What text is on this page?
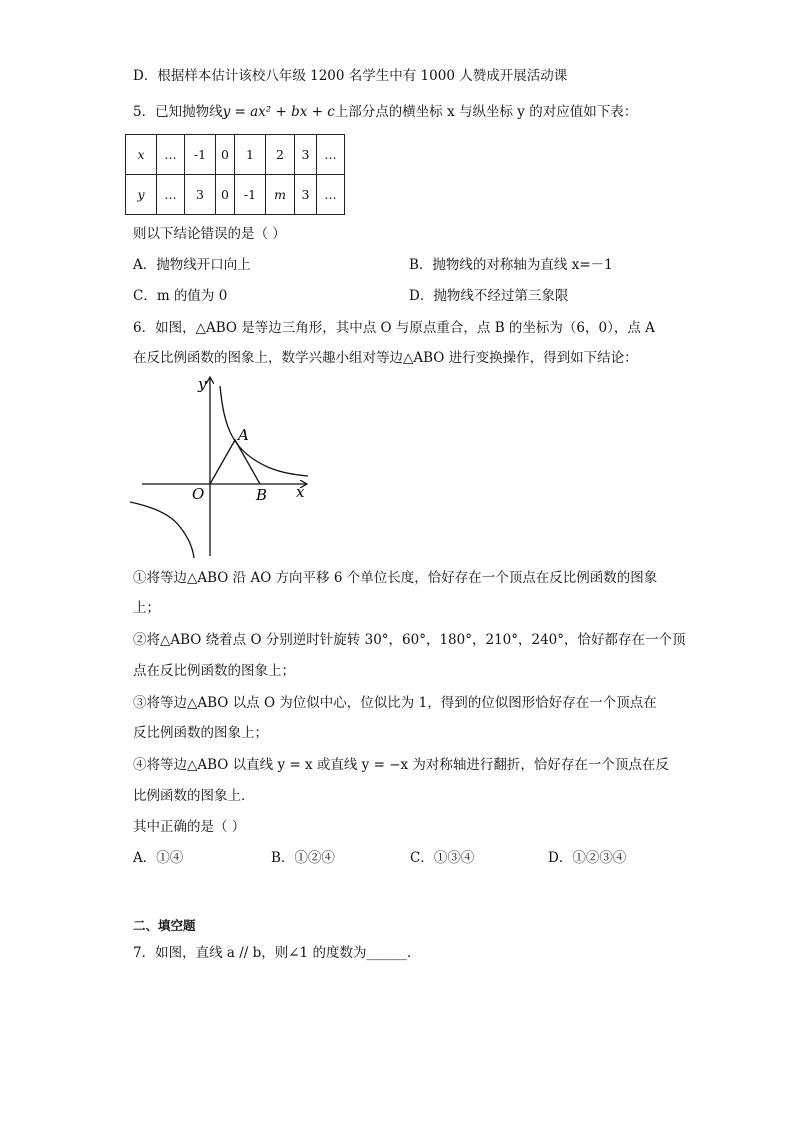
D．根据样本估计该校八年级 1200 名学生中有 1000 人赞成开展活动课
5．已知抛物线y = ax² + bx + c上部分点的横坐标 x 与纵坐标 y 的对应值如下表：
x	…	-1	0	1	2	3	…
y	…	3	0	-1	m	3	…
则以下结论错误的是（ ）
A．抛物线开口向上	B．抛物线的对称轴为直线 x=－1
C．m 的值为 0	D．抛物线不经过第三象限
6．如图，△ABO 是等边三角形，其中点 O 与原点重合，点 B 的坐标为（6，0），点 A
在反比例函数的图象上，数学兴趣小组对等边△ABO 进行变换操作，得到如下结论：
y
x
O
A
B
①将等边△ABO 沿 AO 方向平移 6 个单位长度，恰好存在一个顶点在反比例函数的图象
上；
②将△ABO 绕着点 O 分别逆时针旋转 30°，60°，180°，210°，240°，恰好都存在一个顶
点在反比例函数的图象上；
③将等边△ABO 以点 O 为位似中心，位似比为 1，得到的位似图形恰好存在一个顶点在
反比例函数的图象上；
④将等边△ABO 以直线 y = x 或直线 y = −x 为对称轴进行翻折，恰好存在一个顶点在反
比例函数的图象上．
其中正确的是（ ）
A．①④	B．①②④	C．①③④	D．①②③④
二、填空题
7．如图，直线 a // b，则∠1 的度数为______．
